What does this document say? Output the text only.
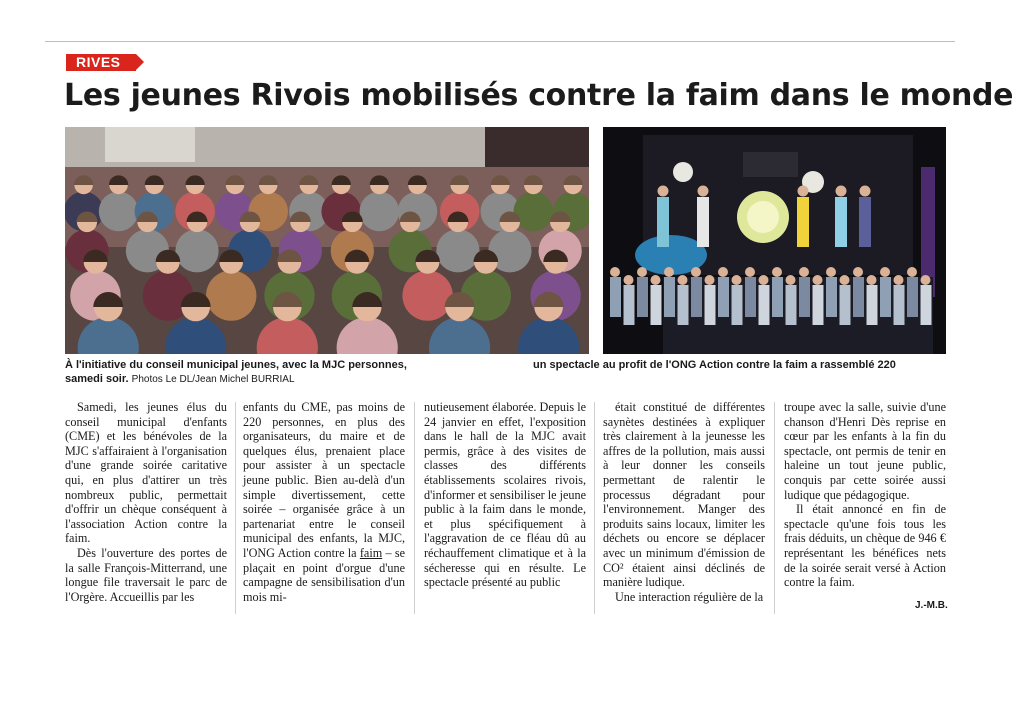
RIVES
Les jeunes Rivois mobilisés contre la faim dans le monde
À l'initiative du conseil municipal jeunes, avec la MJC personnes, samedi soir. Photos Le DL/Jean Michel BURRIAL
un spectacle au profit de l'ONG Action contre la faim a rassemblé 220

Samedi, les jeunes élus du conseil municipal d'enfants (CME) et les bénévoles de la MJC s'affairaient à l'organisation d'une grande soirée caritative qui, en plus d'attirer un très nombreux public, permettait d'offrir un chèque conséquent à l'association Action contre la faim.

Dès l'ouverture des portes de la salle François-Mitterrand, une longue file traversait le parc de l'Orgère. Accueillis par les

enfants du CME, pas moins de 220 personnes, en plus des organisateurs, du maire et de quelques élus, prenaient place pour assister à un spectacle jeune public. Bien au-delà d'un simple divertissement, cette soirée – organisée grâce à un partenariat entre le conseil municipal des enfants, la MJC, l'ONG Action contre la faim – se plaçait en point d'orgue d'une campagne de sensibilisation d'un mois mi-

nutieusement élaborée. Depuis le 24 janvier en effet, l'exposition dans le hall de la MJC avait permis, grâce à des visites de classes des différents établissements scolaires rivois, d'informer et sensibiliser le jeune public à la faim dans le monde, et plus spécifiquement à l'aggravation de ce fléau dû au réchauffement climatique et à la sécheresse qui en résulte. Le spectacle présenté au public

était constitué de différentes saynètes destinées à expliquer très clairement à la jeunesse les affres de la pollution, mais aussi à leur donner les conseils permettant de ralentir le processus dégradant pour l'environnement. Manger des produits sains locaux, limiter les déchets ou encore se déplacer avec un minimum d'émission de CO² étaient ainsi déclinés de manière ludique.

Une interaction régulière de la

troupe avec la salle, suivie d'une chanson d'Henri Dès reprise en cœur par les enfants à la fin du spectacle, ont permis de tenir en haleine un tout jeune public, conquis par cette soirée aussi ludique que pédagogique.

Il était annoncé en fin de spectacle qu'une fois tous les frais déduits, un chèque de 946 € représentant les bénéfices nets de la soirée serait versé à Action contre la faim.

J.-M.B.
